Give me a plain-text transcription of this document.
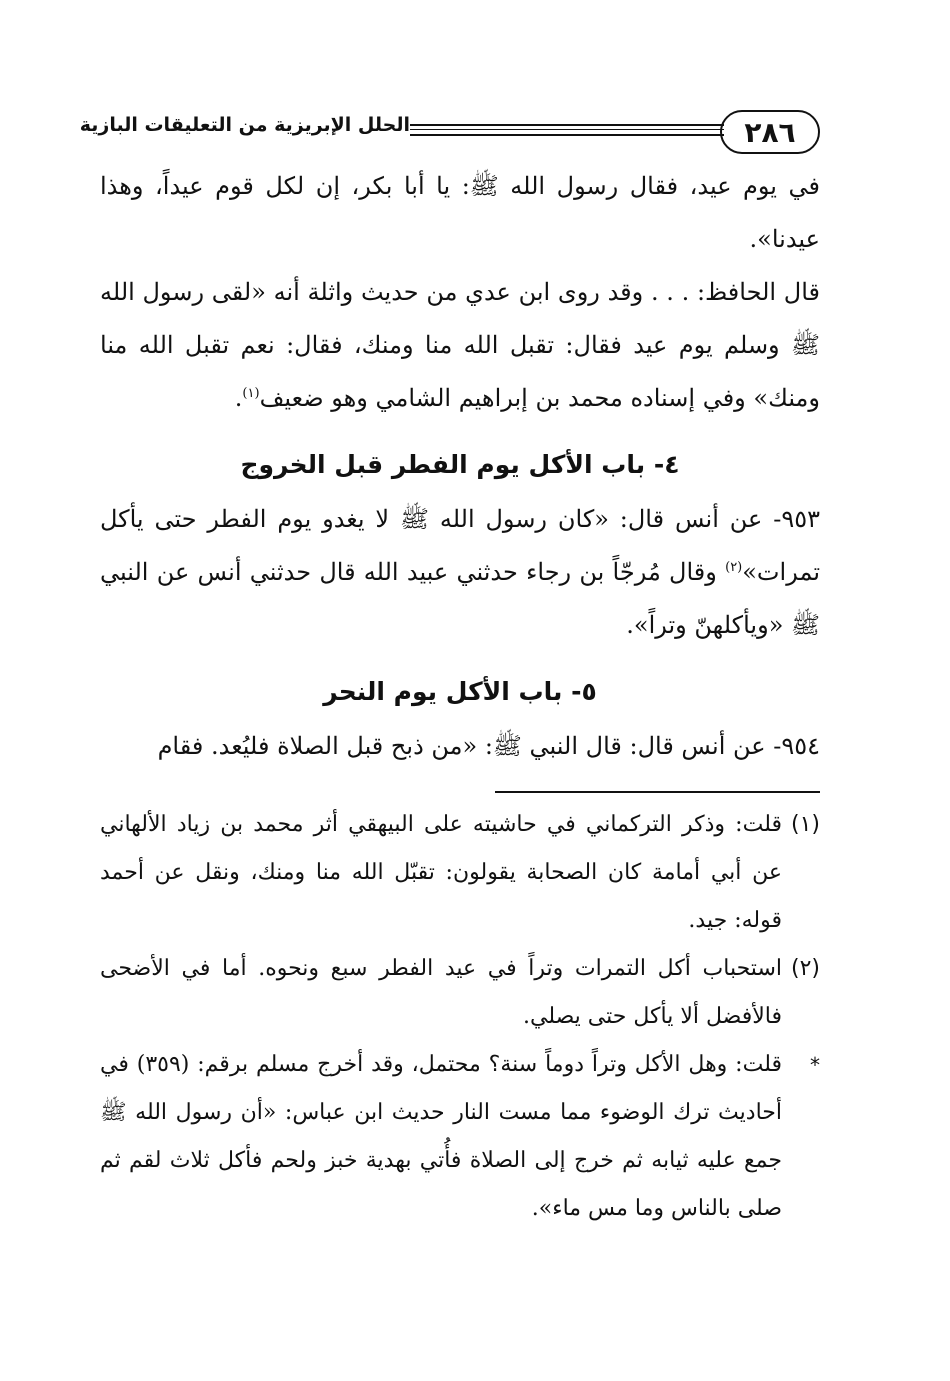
٢٨٦
الحلل الإبريزية من التعليقات البازية

في يوم عيد، فقال رسول الله ﷺ: يا أبا بكر، إن لكل قوم عيداً، وهذا عيدنا».

قال الحافظ: . . . وقد روى ابن عدي من حديث واثلة أنه «لقى رسول الله ﷺ وسلم يوم عيد فقال: تقبل الله منا ومنك، فقال: نعم تقبل الله منا ومنك» وفي إسناده محمد بن إبراهيم الشامي وهو ضعيف$^{(١)}$.

٤- باب الأكل يوم الفطر قبل الخروج

٩٥٣- عن أنس قال: «كان رسول الله ﷺ لا يغدو يوم الفطر حتى يأكل تمرات»$^{(٢)}$ وقال مُرجّاً بن رجاء حدثني عبيد الله قال حدثني أنس عن النبي ﷺ «ويأكلهنّ وتراً».

٥- باب الأكل يوم النحر

٩٥٤- عن أنس قال: قال النبي ﷺ: «من ذبح قبل الصلاة فليُعد. فقام

(١)
قلت: وذكر التركماني في حاشيته على البيهقي أثر محمد بن زياد الألهاني عن أبي أمامة كان الصحابة يقولون: تقبّل الله منا ومنك، ونقل عن أحمد قوله: جيد.
(٢)
استحباب أكل التمرات وتراً في عيد الفطر سبع ونحوه. أما في الأضحى فالأفضل ألا يأكل حتى يصلي.
*
قلت: وهل الأكل وتراً دوماً سنة؟ محتمل، وقد أخرج مسلم برقم: (٣٥٩) في أحاديث ترك الوضوء مما مست النار حديث ابن عباس: «أن رسول الله ﷺ جمع عليه ثيابه ثم خرج إلى الصلاة فأُتي بهدية خبز ولحم فأكل ثلاث لقم ثم صلى بالناس وما مس ماء».
